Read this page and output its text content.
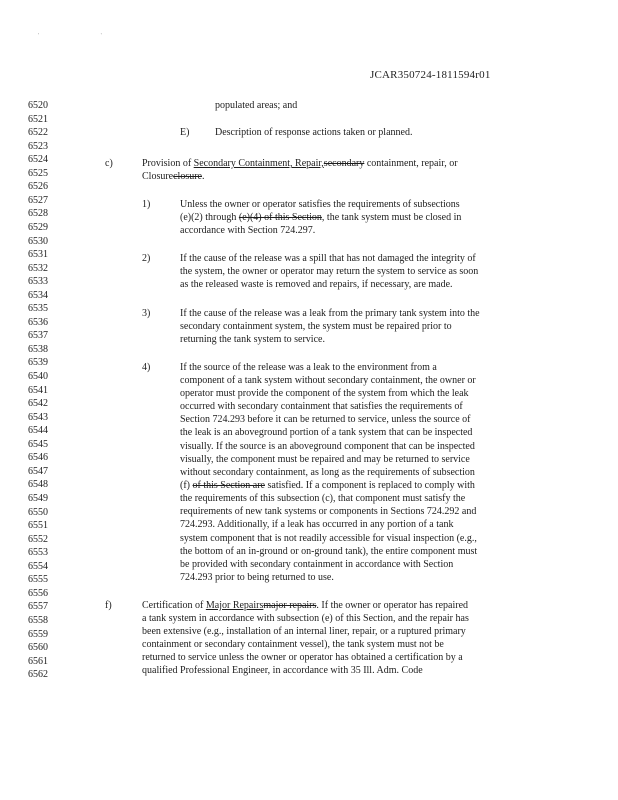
' '
JCAR350724-1811594r01
6520
6521
6522
6523
6524
6525
6526
6527
6528
6529
6530
6531
6532
6533
6534
6535
6536
6537
6538
6539
6540
6541
6542
6543
6544
6545
6546
6547
6548
6549
6550
6551
6552
6553
6554
6555
6556
6557
6558
6559
6560
6561
6562
populated areas; and
E)	Description of response actions taken or planned.
c)	Provision of Secondary Containment, Repair,secondary containment, repair, or
Closureclosure.
1)	Unless the owner or operator satisfies the requirements of subsections
(e)(2) through (e)(4) of this Section, the tank system must be closed in
accordance with Section 724.297.
2)	If the cause of the release was a spill that has not damaged the integrity of
the system, the owner or operator may return the system to service as soon
as the released waste is removed and repairs, if necessary, are made.
3)	If the cause of the release was a leak from the primary tank system into the
secondary containment system, the system must be repaired prior to
returning the tank system to service.
4)	If the source of the release was a leak to the environment from a
component of a tank system without secondary containment, the owner or
operator must provide the component of the system from which the leak
occurred with secondary containment that satisfies the requirements of
Section 724.293 before it can be returned to service, unless the source of
the leak is an aboveground portion of a tank system that can be inspected
visually. If the source is an aboveground component that can be inspected
visually, the component must be repaired and may be returned to service
without secondary containment, as long as the requirements of subsection
(f) of this Section are satisfied. If a component is replaced to comply with
the requirements of this subsection (c), that component must satisfy the
requirements of new tank systems or components in Sections 724.292 and
724.293. Additionally, if a leak has occurred in any portion of a tank
system component that is not readily accessible for visual inspection (e.g.,
the bottom of an in-ground or on-ground tank), the entire component must
be provided with secondary containment in accordance with Section
724.293 prior to being returned to use.
f)	Certification of Major Repairsmajor repairs. If the owner or operator has repaired
a tank system in accordance with subsection (e) of this Section, and the repair has
been extensive (e.g., installation of an internal liner, repair, or a ruptured primary
containment or secondary containment vessel), the tank system must not be
returned to service unless the owner or operator has obtained a certification by a
qualified Professional Engineer, in accordance with 35 Ill. Adm. Code
